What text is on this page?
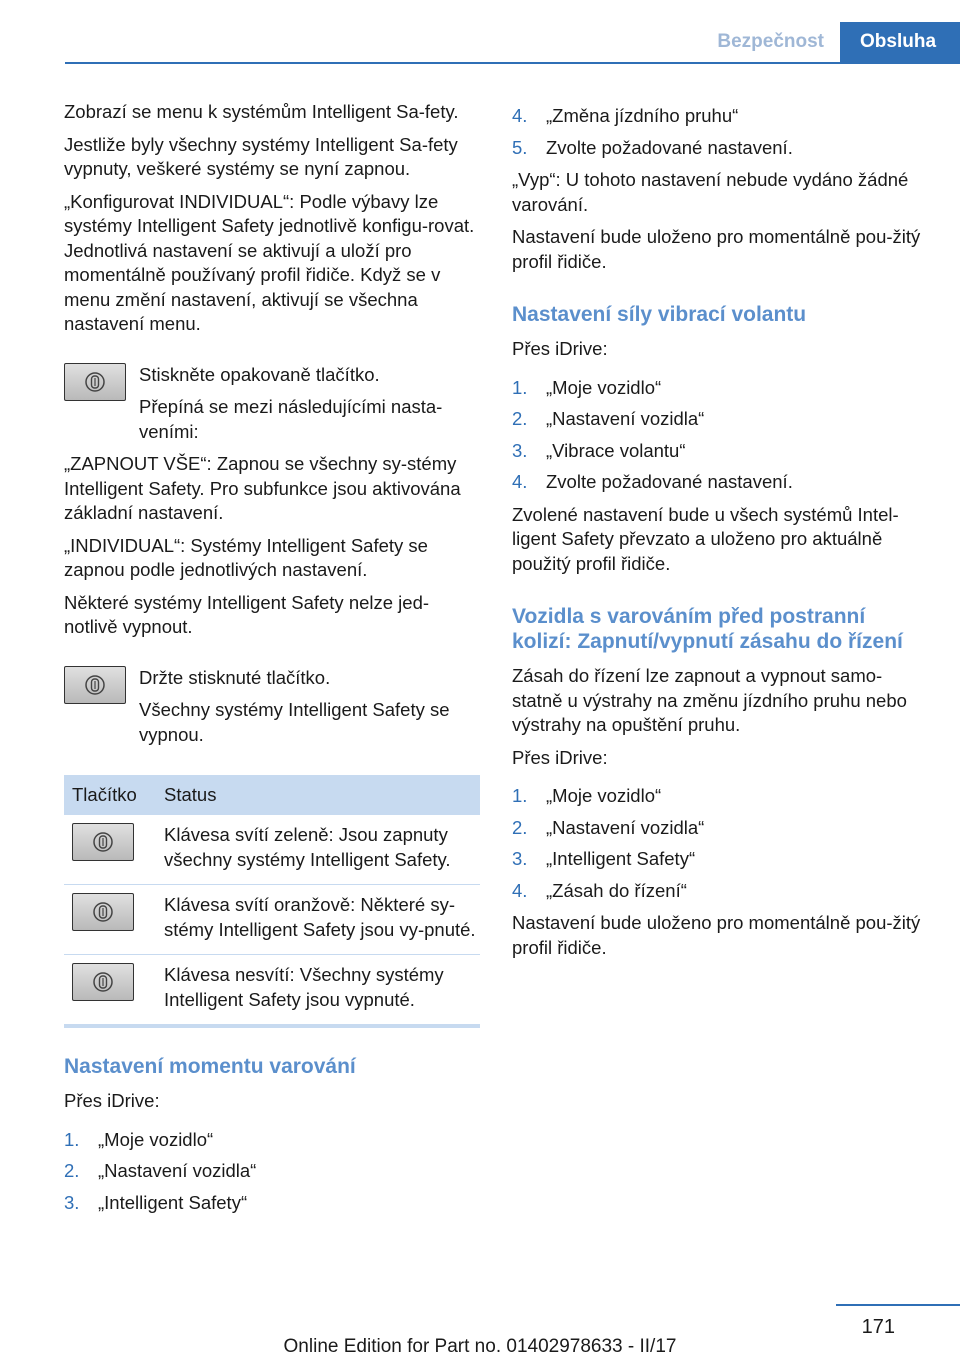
Bezpečnost	Obsluha

Zobrazí se menu k systémům Intelligent Sa-fety.

Jestliže byly všechny systémy Intelligent Sa-fety vypnuty, veškeré systémy se nyní zapnou.

„Konfigurovat INDIVIDUAL“: Podle výbavy lze systémy Intelligent Safety jednotlivě konfigu-rovat. Jednotlivá nastavení se aktivují a uloží pro momentálně používaný profil řidiče. Když se v menu změní nastavení, aktivují se všechna nastavení menu.

Stiskněte opakovaně tlačítko.

Přepíná se mezi následujícími nasta-veními:

„ZAPNOUT VŠE“: Zapnou se všechny sy-stémy Intelligent Safety. Pro subfunkce jsou aktivována základní nastavení.

„INDIVIDUAL“: Systémy Intelligent Safety se zapnou podle jednotlivých nastavení.

Některé systémy Intelligent Safety nelze jed-notlivě vypnout.

Držte stisknuté tlačítko.

Všechny systémy Intelligent Safety se vypnou.

Tlačítko	Status

	Klávesa svítí zeleně: Jsou zapnuty všechny systémy Intelligent Safety.

	Klávesa svítí oranžově: Některé sy-stémy Intelligent Safety jsou vy-pnuté.

	Klávesa nesvítí: Všechny systémy Intelligent Safety jsou vypnuté.
Nastavení momentu varování

Přes iDrive:

1.	„Moje vozidlo“
2.	„Nastavení vozidla“
3.	„Intelligent Safety“
4.	„Změna jízdního pruhu“
5.	Zvolte požadované nastavení.

„Vyp“: U tohoto nastavení nebude vydáno žádné varování.

Nastavení bude uloženo pro momentálně pou-žitý profil řidiče.

Nastavení síly vibrací volantu

Přes iDrive:

1.	„Moje vozidlo“
2.	„Nastavení vozidla“
3.	„Vibrace volantu“
4.	Zvolte požadované nastavení.

Zvolené nastavení bude u všech systémů Intel-ligent Safety převzato a uloženo pro aktuálně použitý profil řidiče.

Vozidla s varováním před postranní kolizí: Zapnutí/vypnutí zásahu do řízení

Zásah do řízení lze zapnout a vypnout samo-statně u výstrahy na změnu jízdního pruhu nebo výstrahy na opuštění pruhu.

Přes iDrive:

1.	„Moje vozidlo“
2.	„Nastavení vozidla“
3.	„Intelligent Safety“
4.	„Zásah do řízení“

Nastavení bude uloženo pro momentálně pou-žitý profil řidiče.

171
Online Edition for Part no. 01402978633 - II/17
